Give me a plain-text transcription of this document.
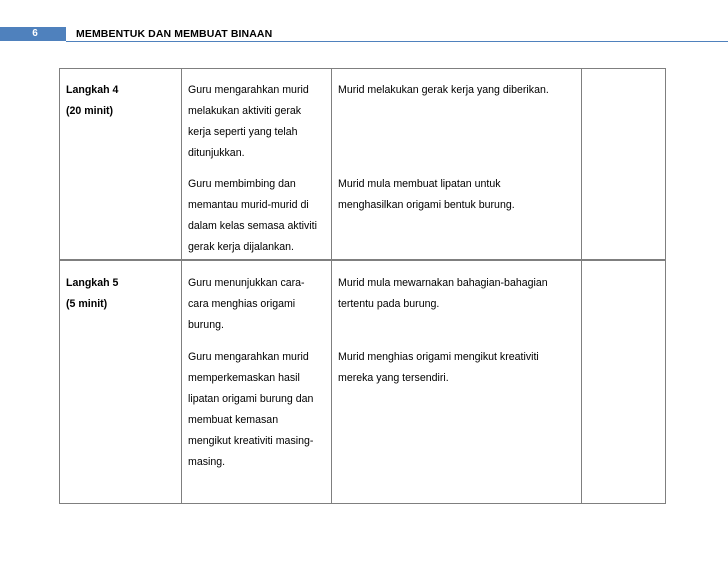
6	MEMBENTUK DAN MEMBUAT BINAAN
Langkah 4
(20 minit)
Guru mengarahkan murid
melakukan aktiviti gerak
kerja seperti yang telah
ditunjukkan.
Guru membimbing dan
memantau murid-murid di
dalam kelas semasa aktiviti
gerak kerja dijalankan.
Murid melakukan gerak kerja yang diberikan.
Murid mula membuat lipatan untuk
menghasilkan origami bentuk burung.
Langkah 5
(5 minit)
Guru menunjukkan cara-
cara menghias origami
burung.
Guru mengarahkan murid
memperkemaskan hasil
lipatan origami burung dan
membuat kemasan
mengikut kreativiti masing-
masing.
Murid mula mewarnakan bahagian-bahagian
tertentu pada burung.
Murid menghias origami mengikut kreativiti
mereka yang tersendiri.
